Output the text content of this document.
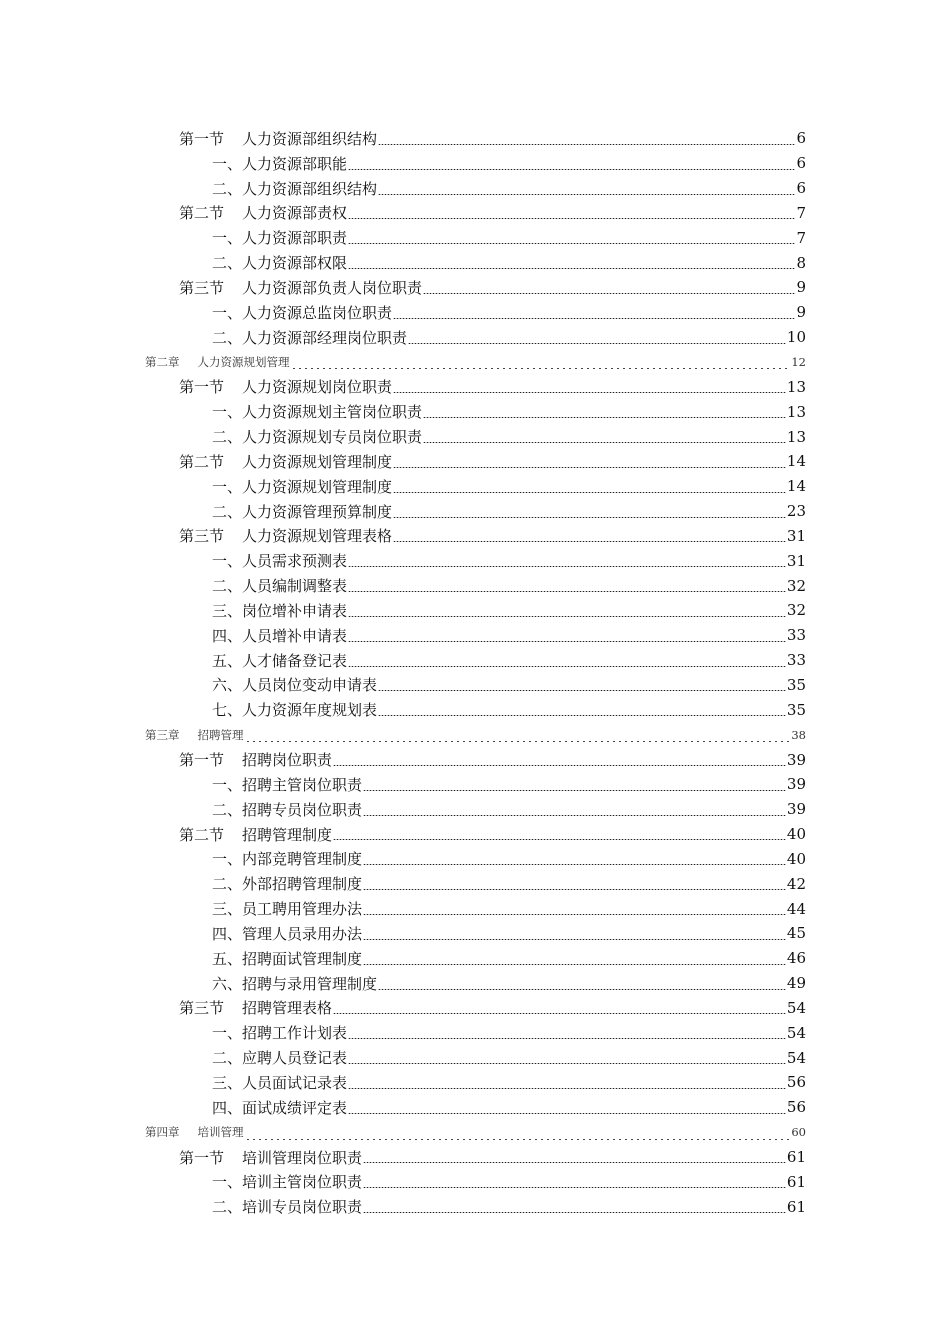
第一节 人力资源部组织结构	6
一、人力资源部职能	6
二、人力资源部组织结构	6
第二节 人力资源部责权	7
一、人力资源部职责	7
二、人力资源部权限	8
第三节 人力资源部负责人岗位职责	9
一、人力资源总监岗位职责	9
二、人力资源部经理岗位职责	10
第二章 人力资源规划管理	12
第一节 人力资源规划岗位职责	13
一、人力资源规划主管岗位职责	13
二、人力资源规划专员岗位职责	13
第二节 人力资源规划管理制度	14
一、人力资源规划管理制度	14
二、人力资源管理预算制度	23
第三节 人力资源规划管理表格	31
一、人员需求预测表	31
二、人员编制调整表	32
三、岗位增补申请表	32
四、人员增补申请表	33
五、人才储备登记表	33
六、人员岗位变动申请表	35
七、人力资源年度规划表	35
第三章 招聘管理	38
第一节 招聘岗位职责	39
一、招聘主管岗位职责	39
二、招聘专员岗位职责	39
第二节 招聘管理制度	40
一、内部竞聘管理制度	40
二、外部招聘管理制度	42
三、员工聘用管理办法	44
四、管理人员录用办法	45
五、招聘面试管理制度	46
六、招聘与录用管理制度	49
第三节 招聘管理表格	54
一、招聘工作计划表	54
二、应聘人员登记表	54
三、人员面试记录表	56
四、面试成绩评定表	56
第四章 培训管理	60
第一节 培训管理岗位职责	61
一、培训主管岗位职责	61
二、培训专员岗位职责	61
